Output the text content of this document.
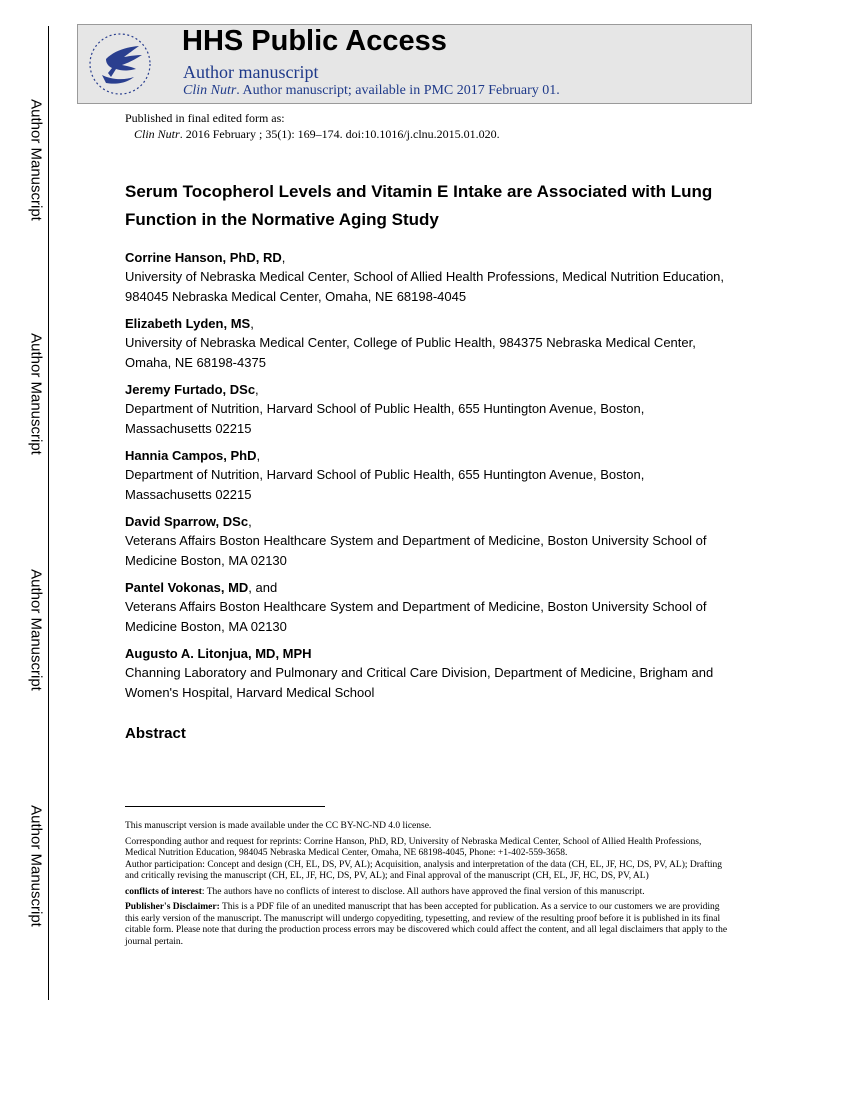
Author Manuscript
Author Manuscript
Author Manuscript
Author Manuscript
HHS Public Access
Author manuscript
Clin Nutr. Author manuscript; available in PMC 2017 February 01.
Published in final edited form as:
Clin Nutr. 2016 February ; 35(1): 169–174. doi:10.1016/j.clnu.2015.01.020.
Serum Tocopherol Levels and Vitamin E Intake are Associated with Lung Function in the Normative Aging Study
Corrine Hanson, PhD, RD,
University of Nebraska Medical Center, School of Allied Health Professions, Medical Nutrition Education, 984045 Nebraska Medical Center, Omaha, NE 68198-4045
Elizabeth Lyden, MS,
University of Nebraska Medical Center, College of Public Health, 984375 Nebraska Medical Center, Omaha, NE 68198-4375
Jeremy Furtado, DSc,
Department of Nutrition, Harvard School of Public Health, 655 Huntington Avenue, Boston, Massachusetts 02215
Hannia Campos, PhD,
Department of Nutrition, Harvard School of Public Health, 655 Huntington Avenue, Boston, Massachusetts 02215
David Sparrow, DSc,
Veterans Affairs Boston Healthcare System and Department of Medicine, Boston University School of Medicine Boston, MA 02130
Pantel Vokonas, MD, and
Veterans Affairs Boston Healthcare System and Department of Medicine, Boston University School of Medicine Boston, MA 02130
Augusto A. Litonjua, MD, MPH
Channing Laboratory and Pulmonary and Critical Care Division, Department of Medicine, Brigham and Women's Hospital, Harvard Medical School
Abstract

This manuscript version is made available under the CC BY-NC-ND 4.0 license.

Corresponding author and request for reprints: Corrine Hanson, PhD, RD, University of Nebraska Medical Center, School of Allied Health Professions, Medical Nutrition Education, 984045 Nebraska Medical Center, Omaha, NE 68198-4045, Phone: +1-402-559-3658.

Author participation: Concept and design (CH, EL, DS, PV, AL); Acquisition, analysis and interpretation of the data (CH, EL, JF, HC, DS, PV, AL); Drafting and critically revising the manuscript (CH, EL, JF, HC, DS, PV, AL); and Final approval of the manuscript (CH, EL, JF, HC, DS, PV, AL)

conflicts of interest: The authors have no conflicts of interest to disclose. All authors have approved the final version of this manuscript.

Publisher's Disclaimer: This is a PDF file of an unedited manuscript that has been accepted for publication. As a service to our customers we are providing this early version of the manuscript. The manuscript will undergo copyediting, typesetting, and review of the resulting proof before it is published in its final citable form. Please note that during the production process errors may be discovered which could affect the content, and all legal disclaimers that apply to the journal pertain.
